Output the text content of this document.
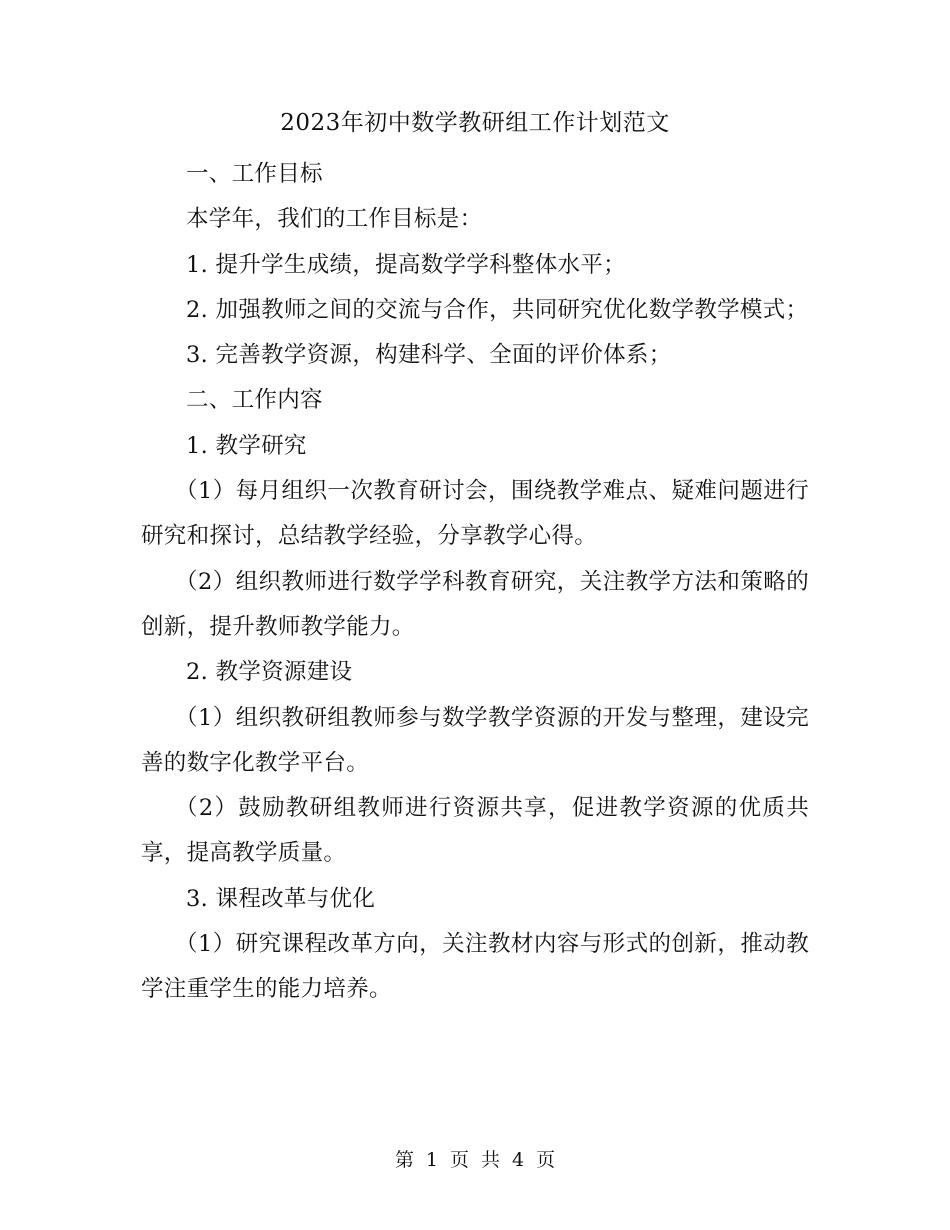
2023年初中数学教研组工作计划范文

一、工作目标

本学年，我们的工作目标是：

1. 提升学生成绩，提高数学学科整体水平；

2. 加强教师之间的交流与合作，共同研究优化数学教学模式；

3. 完善教学资源，构建科学、全面的评价体系；

二、工作内容

1. 教学研究

（1）每月组织一次教育研讨会，围绕教学难点、疑难问题进行研究和探讨，总结教学经验，分享教学心得。

（2）组织教师进行数学学科教育研究，关注教学方法和策略的创新，提升教师教学能力。

2. 教学资源建设

（1）组织教研组教师参与数学教学资源的开发与整理，建设完善的数字化教学平台。

（2）鼓励教研组教师进行资源共享，促进教学资源的优质共享，提高教学质量。

3. 课程改革与优化

（1）研究课程改革方向，关注教材内容与形式的创新，推动教学注重学生的能力培养。

第 1 页 共 4 页
